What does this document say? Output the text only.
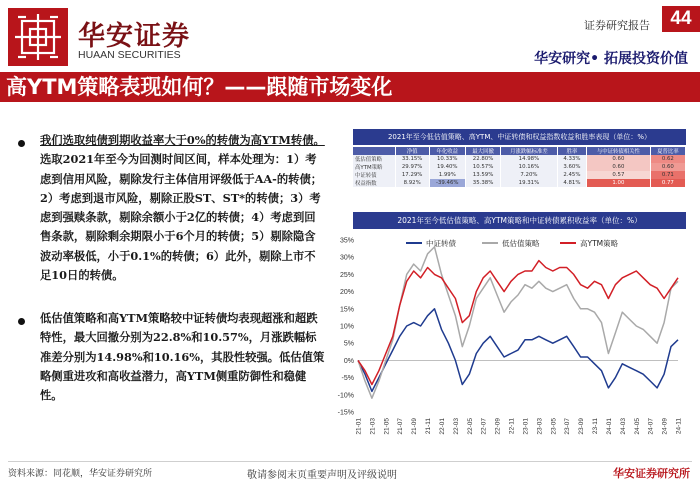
华安证券
HUAAN SECURITIES
证券研究报告	44
华安研究• 拓展投资价值
高YTM策略表现如何？——跟随市场变化
我们选取纯债到期收益率大于0%的转债为高YTM转债。选取2021年至今为回测时间区间，样本处理为：1）考虑到信用风险，剔除发行主体信用评级低于AA-的转债；2）考虑到退市风险，剔除正股ST、ST*的转债；3）考虑到强赎条款，剔除余额小于2亿的转债；4）考虑到回售条款，剔除剩余期限小于6个月的转债；5）剔除隐含波动率极低，小于0.1%的转债；6）此外，剔除上市不足10日的转债。
低估值策略和高YTM策略较中证转债均表现超涨和超跌特性，最大回撤分别为22.8%和10.57%，月涨跌幅标准差分别为14.98%和10.16%，其股性较强。低估值策略侧重进攻和高收益潜力，高YTM侧重防御性和稳健性。
2021年至今低估值策略、高YTM、中证转债和权益指数收益和胜率表现（单位：%）
	净值	年化收益	最大回撤	月涨跌幅标准差	胜率	与中证转债相关性	夏普比率
低估值策略	33.15%	10.33%	22.80%	14.98%	4.33%	0.60	0.62
高YTM策略	29.97%	19.40%	10.57%	10.16%	3.60%	0.60	0.60
中证转债	17.29%	1.99%	13.59%	7.20%	2.45%	0.57	0.71
权益指数	8.92%	-39.46%	35.38%	19.31%	4.81%	1.00	0.77
2021年至今低估值策略、高YTM策略和中证转债累积收益率（单位：%）
-15%
-10%
-5%
0%
5%
10%
15%
20%
25%
30%
35%
21-01 21-03 21-05 21-07 21-09 21-11 22-01 22-03 22-05 22-07 22-09 22-11 23-01 23-03 23-05 23-07 23-09 23-11 24-01 24-03 24-05 24-07 24-09 24-11
中证转债	低估值策略	高YTM策略
资料来源：同花顺，华安证券研究所	敬请参阅末页重要声明及评级说明	华安证券研究所
